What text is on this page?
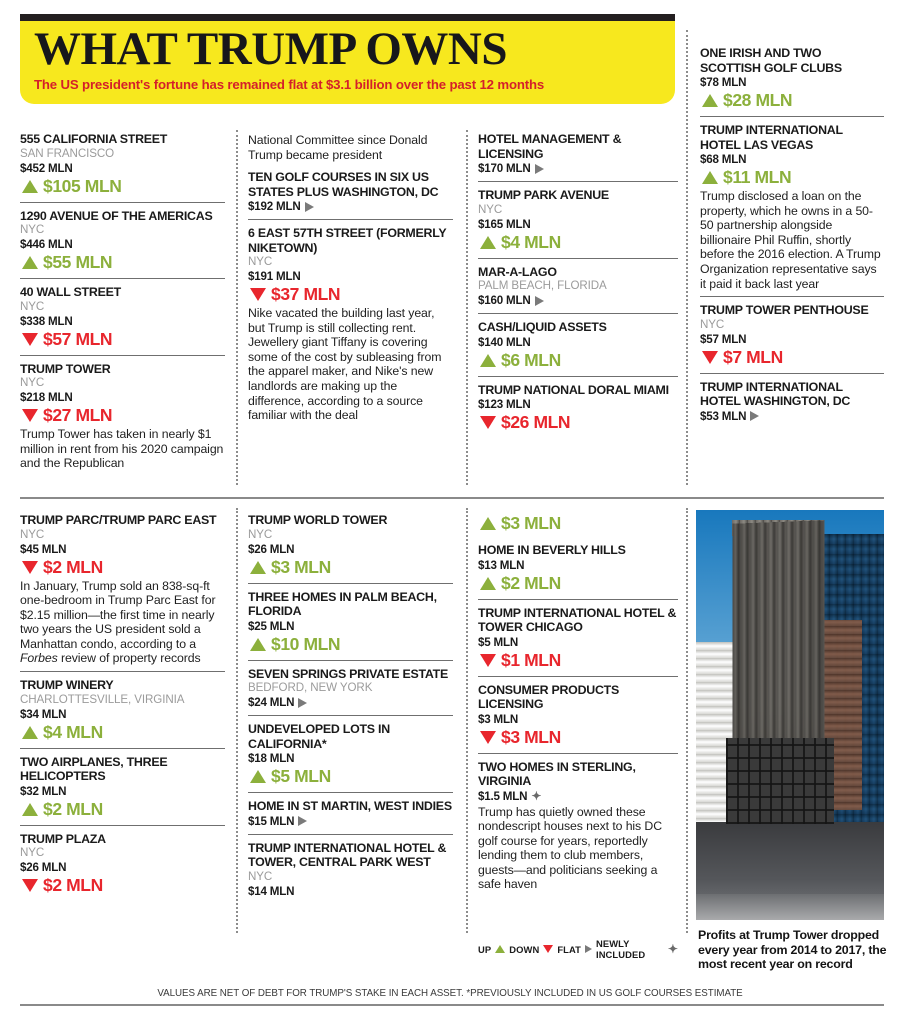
WHAT TRUMP OWNS
The US president's fortune has remained flat at $3.1 billion over the past 12 months
555 CALIFORNIA STREET
SAN FRANCISCO
$452 MLN
$105 MLN
1290 AVENUE OF THE AMERICAS
NYC
$446 MLN
$55 MLN
40 WALL STREET
NYC
$338 MLN
$57 MLN
TRUMP TOWER
NYC
$218 MLN
$27 MLN
Trump Tower has taken in nearly $1 million in rent from his 2020 campaign and the Republican
National Committee since Donald Trump became president
TEN GOLF COURSES IN SIX US STATES PLUS WASHINGTON, DC
$192 MLN
6 EAST 57TH STREET (FORMERLY NIKETOWN)
NYC
$191 MLN
$37 MLN
Nike vacated the building last year, but Trump is still collecting rent. Jewellery giant Tiffany is covering some of the cost by subleasing from the apparel maker, and Nike's new landlords are making up the difference, according to a source familiar with the deal
HOTEL MANAGEMENT & LICENSING
$170 MLN
TRUMP PARK AVENUE
NYC
$165 MLN
$4 MLN
MAR-A-LAGO
PALM BEACH, FLORIDA
$160 MLN
CASH/LIQUID ASSETS
$140 MLN
$6 MLN
TRUMP NATIONAL DORAL MIAMI
$123 MLN
$26 MLN
ONE IRISH AND TWO SCOTTISH GOLF CLUBS
$78 MLN
$28 MLN
TRUMP INTERNATIONAL HOTEL LAS VEGAS
$68 MLN
$11 MLN
Trump disclosed a loan on the property, which he owns in a 50-50 partnership alongside billionaire Phil Ruffin, shortly before the 2016 election. A Trump Organization representative says it paid it back last year
TRUMP TOWER PENTHOUSE
NYC
$57 MLN
$7 MLN
TRUMP INTERNATIONAL HOTEL WASHINGTON, DC
$53 MLN
TRUMP PARC/TRUMP PARC EAST
NYC
$45 MLN
$2 MLN
In January, Trump sold an 838-sq-ft one-bedroom in Trump Parc East for $2.15 million—the first time in nearly two years the US president sold a Manhattan condo, according to a Forbes review of property records
TRUMP WINERY
CHARLOTTESVILLE, VIRGINIA
$34 MLN
$4 MLN
TWO AIRPLANES, THREE HELICOPTERS
$32 MLN
$2 MLN
TRUMP PLAZA
NYC
$26 MLN
$2 MLN
TRUMP WORLD TOWER
NYC
$26 MLN
$3 MLN
THREE HOMES IN PALM BEACH, FLORIDA
$25 MLN
$10 MLN
SEVEN SPRINGS PRIVATE ESTATE
BEDFORD, NEW YORK
$24 MLN
UNDEVELOPED LOTS IN CALIFORNIA*
$18 MLN
$5 MLN
HOME IN ST MARTIN, WEST INDIES
$15 MLN
TRUMP INTERNATIONAL HOTEL & TOWER, CENTRAL PARK WEST
NYC
$14 MLN
$3 MLN
HOME IN BEVERLY HILLS
$13 MLN
$2 MLN
TRUMP INTERNATIONAL HOTEL & TOWER CHICAGO
$5 MLN
$1 MLN
CONSUMER PRODUCTS LICENSING
$3 MLN
$3 MLN
TWO HOMES IN STERLING, VIRGINIA
$1.5 MLN ✦
Trump has quietly owned these nondescript houses next to his DC golf course for years, reportedly lending them to club members, guests—and politicians seeking a safe haven
Profits at Trump Tower dropped every year from 2014 to 2017, the most recent year on record
UP DOWN FLAT NEWLY INCLUDED	✦
VALUES ARE NET OF DEBT FOR TRUMP'S STAKE IN EACH ASSET. *PREVIOUSLY INCLUDED IN US GOLF COURSES ESTIMATE
